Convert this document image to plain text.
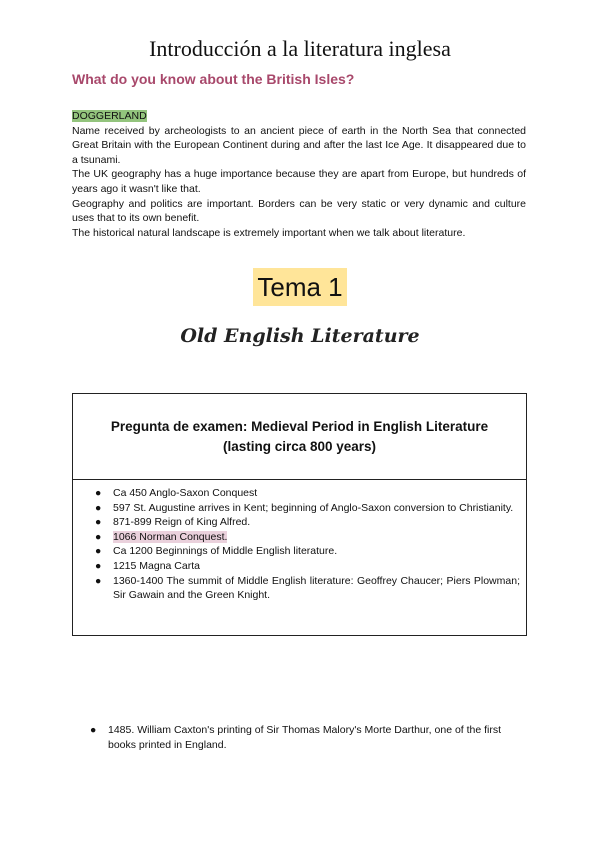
Introducción a la literatura inglesa
What do you know about the British Isles?

DOGGERLAND

Name received by archeologists to an ancient piece of earth in the North Sea that connected Great Britain with the European Continent during and after the last Ice Age. It disappeared due to a tsunami.

The UK geography has a huge importance because they are apart from Europe, but hundreds of years ago it wasn't like that.

Geography and politics are important. Borders can be very static or very dynamic and culture uses that to its own benefit.

The historical natural landscape is extremely important when we talk about literature.

Tema 1
Old English Literature
Pregunta de examen: Medieval Period in English Literature
(lasting circa 800 years)
● Ca 450 Anglo-Saxon Conquest
● 597 St. Augustine arrives in Kent; beginning of Anglo-Saxon conversion to Christianity.
● 871-899 Reign of King Alfred.
● 1066 Norman Conquest.
● Ca 1200 Beginnings of Middle English literature.
● 1215 Magna Carta
● 1360-1400 The summit of Middle English literature: Geoffrey Chaucer; Piers Plowman; Sir Gawain and the Green Knight.
●	1485. William Caxton's printing of Sir Thomas Malory's Morte Darthur, one of the first books printed in England.
